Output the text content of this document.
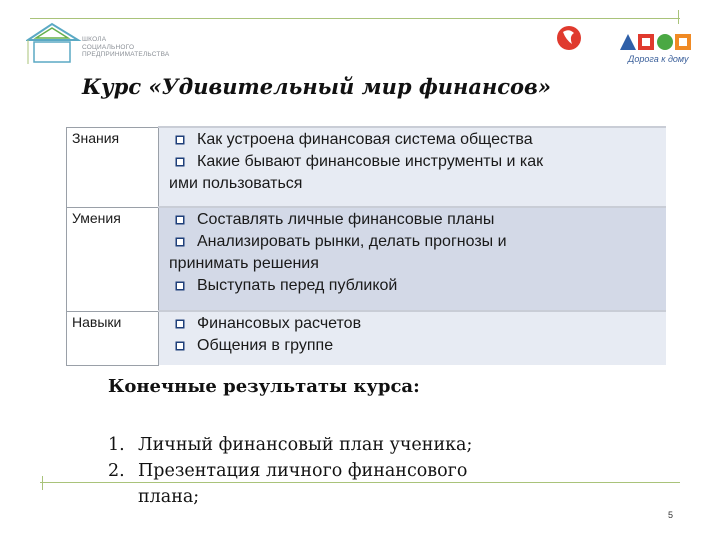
ШКОЛА
СОЦИАЛЬНОГО
ПРЕДПРИНИМАТЕЛЬСТВА	Дорога к дому
Курс «Удивительный мир финансов»
Знания	Как устроена финансовая система общества
Какие бывают финансовые инструменты и как
ими пользоваться

Умения	Составлять личные финансовые планы
Анализировать рынки, делать прогнозы и
принимать решения
Выступать перед публикой

Навыки	Финансовых расчетов
Общения в группе
Конечные результаты курса:
1. Личный финансовый план ученика;
2. Презентация личного финансового
плана;
5
